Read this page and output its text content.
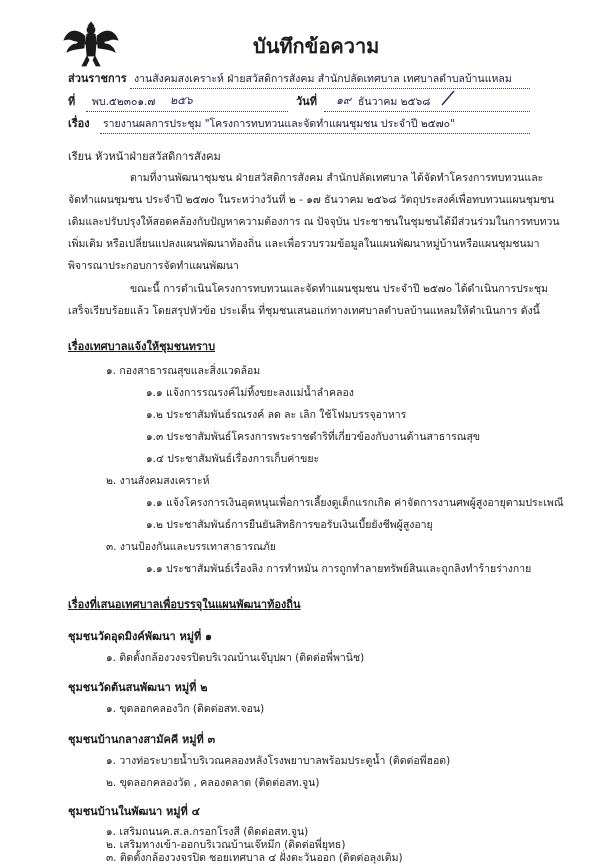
บันทึกข้อความ
ส่วนราชการ งานสังคมสงเคราะห์ ฝ่ายสวัสดิการสังคม สำนักปลัดเทศบาล เทศบาลตำบลบ้านแหลม
ที่ พบ.๕๒๓๐๑.๗ ๒๕๖	วันที่ ๑๙ ธันวาคม ๒๕๖๘
เรื่อง รายงานผลการประชุม "โครงการทบทวนและจัดทำแผนชุมชน ประจำปี ๒๕๗๐"
เรียน หัวหน้าฝ่ายสวัสดิการสังคม
ตามที่งานพัฒนาชุมชน ฝ่ายสวัสดิการสังคม สำนักปลัดเทศบาล ได้จัดทำโครงการทบทวนและ
จัดทำแผนชุมชน ประจำปี ๒๕๗๐ ในระหว่างวันที่ ๒ - ๑๗ ธันวาคม ๒๕๖๘ วัตถุประสงค์เพื่อทบทวนแผนชุมชน
เดิมและปรับปรุงให้สอดคล้องกับปัญหาความต้องการ ณ ปัจจุบัน ประชาชนในชุมชนได้มีส่วนร่วมในการทบทวน
เพิ่มเติม หรือเปลี่ยนแปลงแผนพัฒนาท้องถิ่น และเพื่อรวบรวมข้อมูลในแผนพัฒนาหมู่บ้านหรือแผนชุมชนมา
พิจารณาประกอบการจัดทำแผนพัฒนา
ขณะนี้ การดำเนินโครงการทบทวนและจัดทำแผนชุมชน ประจำปี ๒๕๗๐ ได้ดำเนินการประชุม
เสร็จเรียบร้อยแล้ว โดยสรุปหัวข้อ ประเด็น ที่ชุมชนเสนอแก่ทางเทศบาลตำบลบ้านแหลมให้ดำเนินการ ดังนี้
เรื่องเทศบาลแจ้งให้ชุมชนทราบ
๑. กองสาธารณสุขและสิ่งแวดล้อม
๑.๑ แจ้งการรณรงค์ไม่ทิ้งขยะลงแม่น้ำลำคลอง
๑.๒ ประชาสัมพันธ์รณรงค์ ลด ละ เลิก ใช้โฟมบรรจุอาหาร
๑.๓ ประชาสัมพันธ์โครงการพระราชดำริที่เกี่ยวข้องกับงานด้านสาธารณสุข
๑.๔ ประชาสัมพันธ์เรื่องการเก็บค่าขยะ
๒. งานสังคมสงเคราะห์
๑.๑ แจ้งโครงการเงินอุดหนุนเพื่อการเลี้ยงดูเด็กแรกเกิด ค่าจัดการงานศพผู้สูงอายุตามประเพณี
๑.๒ ประชาสัมพันธ์การยืนยันสิทธิการขอรับเงินเบี้ยยังชีพผู้สูงอายุ
๓. งานป้องกันและบรรเทาสาธารณภัย
๑.๑ ประชาสัมพันธ์เรื่องลิง การทำหมัน การถูกทำลายทรัพย์สินและถูกลิงทำร้ายร่างกาย
เรื่องที่เสนอเทศบาลเพื่อบรรจุในแผนพัฒนาท้องถิ่น
ชุมชนวัดอุดมิงค์พัฒนา หมู่ที่ ๑
๑. ติดตั้งกล้องวงจรปิดบริเวณบ้านเจ๊บุปผา (ติดต่อพี่พานิช)
ชุมชนวัดต้นสนพัฒนา หมู่ที่ ๒
๑. ขุดลอกคลองวิก (ติดต่อสท.จอน)
ชุมชนบ้านกลางสามัคคี หมู่ที่ ๓
๑. วางท่อระบายน้ำบริเวณคลองหลังโรงพยาบาลพร้อมประตูน้ำ (ติดต่อพี่ฮอต)
๒. ขุดลอกคลองวัด , คลองตลาด (ติดต่อสท.จูน)
ชุมชนบ้านในพัฒนา หมู่ที่ ๔
๑. เสริมถนนค.ส.ล.กรอกโรงสี (ติดต่อสท.จูน)
๒. เสริมทางเข้า-ออกบริเวณบ้านเจ๊หมึก (ติดต่อพี่ยุทธ)
๓. ติดตั้งกล้องวงจรปิด ซอยเทศบาล ๔ ฝั่งตะวันออก (ติดต่อลุงเติม)
